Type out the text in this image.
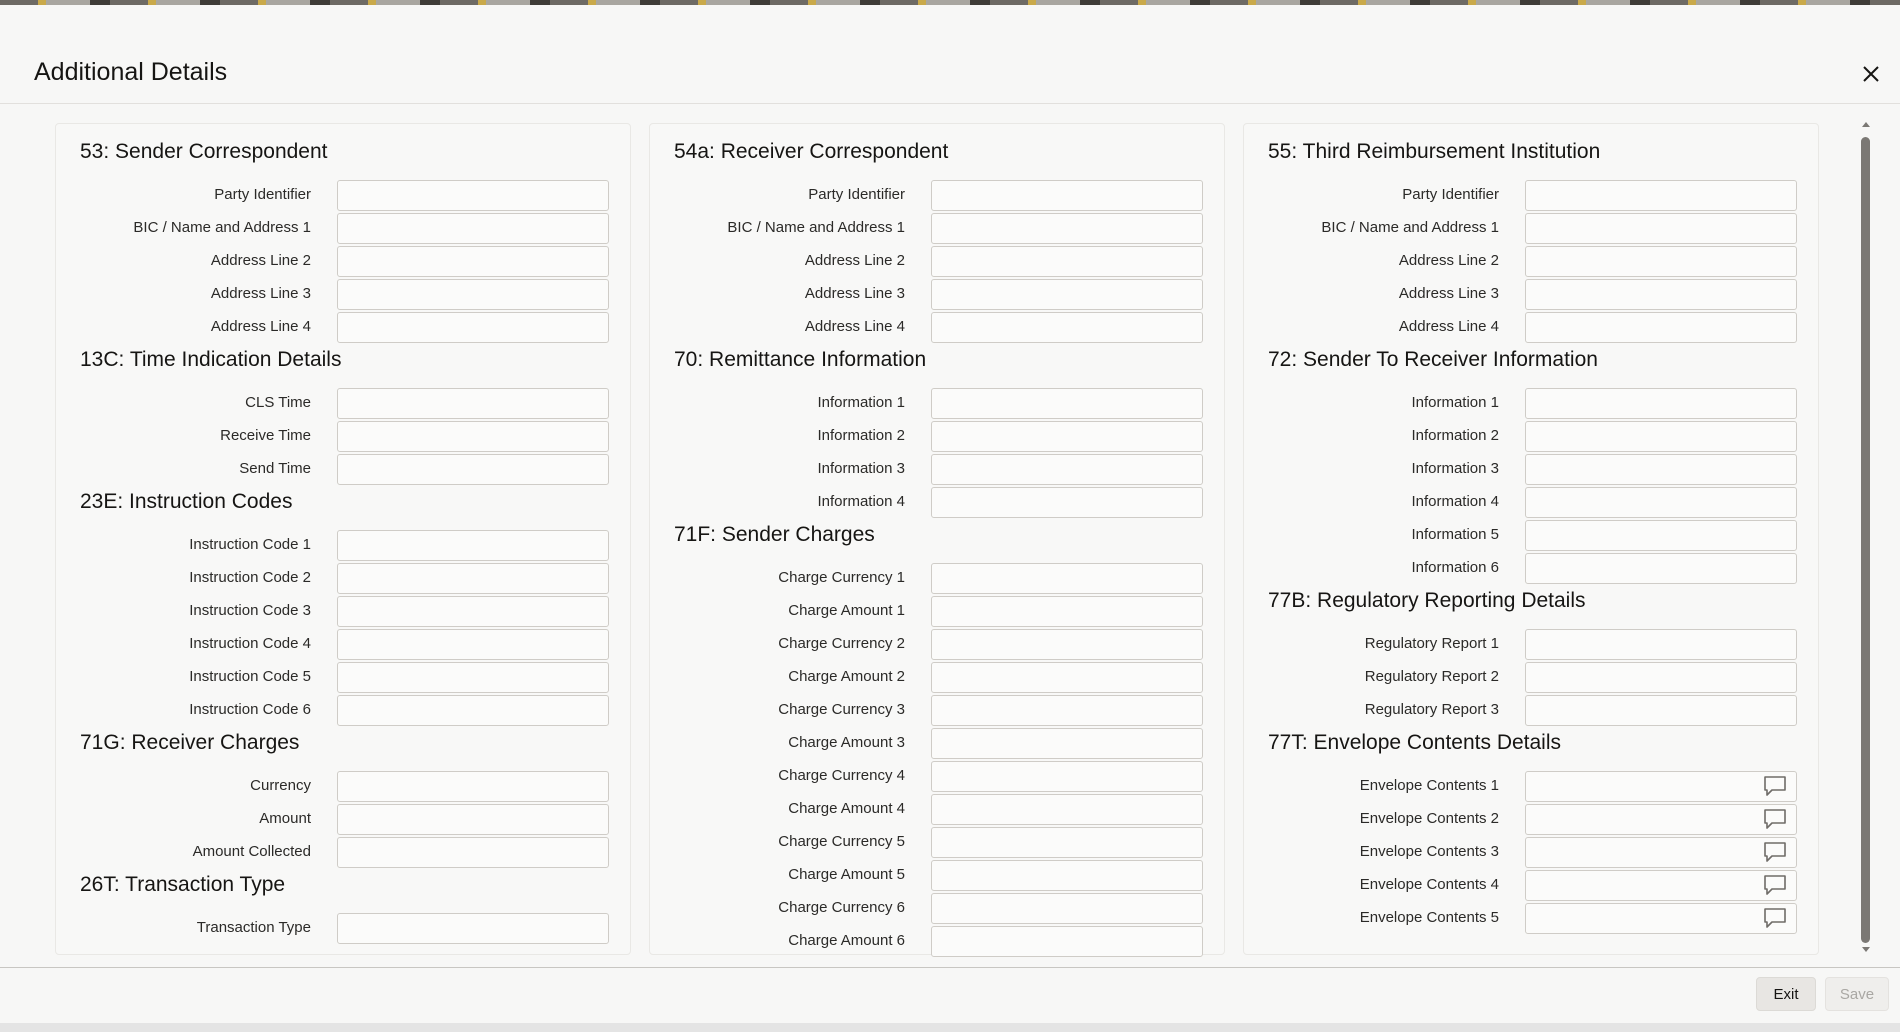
Additional Details
53: Sender Correspondent
Party Identifier
BIC / Name and Address 1
Address Line 2
Address Line 3
Address Line 4
13C: Time Indication Details
CLS Time
Receive Time
Send Time
23E: Instruction Codes
Instruction Code 1
Instruction Code 2
Instruction Code 3
Instruction Code 4
Instruction Code 5
Instruction Code 6
71G: Receiver Charges
Currency
Amount
Amount Collected
26T: Transaction Type
Transaction Type
54a: Receiver Correspondent
Party Identifier
BIC / Name and Address 1
Address Line 2
Address Line 3
Address Line 4
70: Remittance Information
Information 1
Information 2
Information 3
Information 4
71F: Sender Charges
Charge Currency 1
Charge Amount 1
Charge Currency 2
Charge Amount 2
Charge Currency 3
Charge Amount 3
Charge Currency 4
Charge Amount 4
Charge Currency 5
Charge Amount 5
Charge Currency 6
Charge Amount 6
55: Third Reimbursement Institution
Party Identifier
BIC / Name and Address 1
Address Line 2
Address Line 3
Address Line 4
72: Sender To Receiver Information
Information 1
Information 2
Information 3
Information 4
Information 5
Information 6
77B: Regulatory Reporting Details
Regulatory Report 1
Regulatory Report 2
Regulatory Report 3
77T: Envelope Contents Details
Envelope Contents 1
Envelope Contents 2
Envelope Contents 3
Envelope Contents 4
Envelope Contents 5
Exit	Save
